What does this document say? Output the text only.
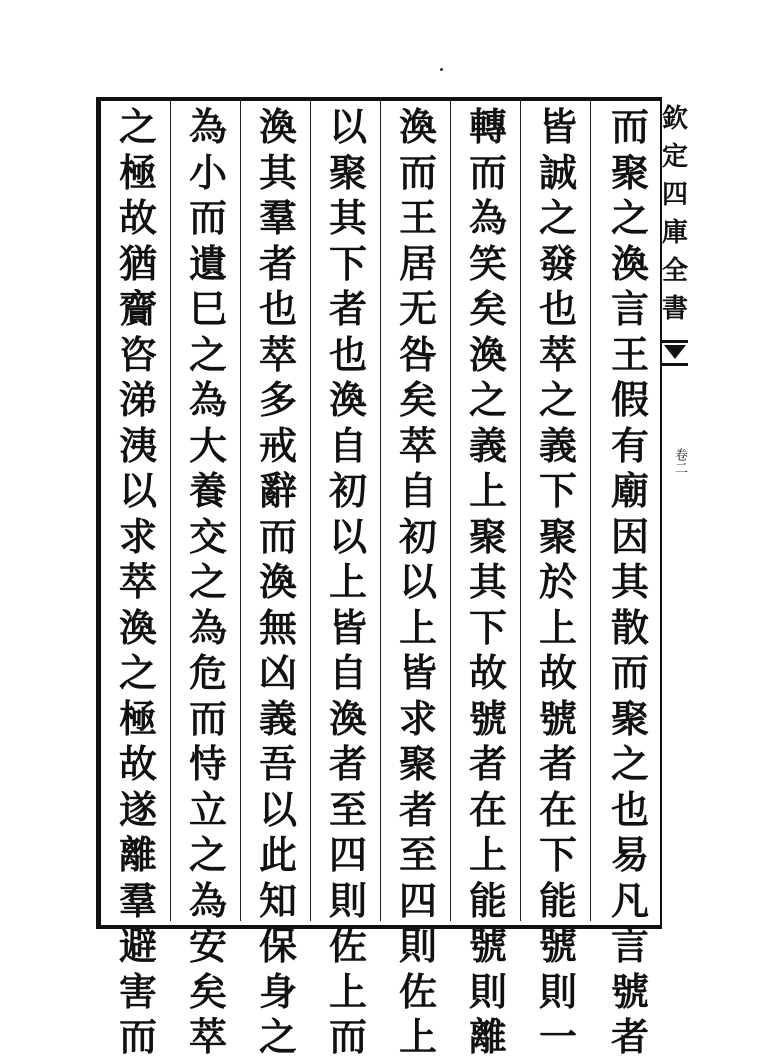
而
聚
之
渙
言
王
假
有
廟
因
其
散
而
聚
之
也
易
凡
言
號
者
皆
誠
之
發
也
萃
之
義
下
聚
於
上
故
號
者
在
下
能
號
則
一
轉
而
為
笑
矣
渙
之
義
上
聚
其
下
故
號
者
在
上
能
號
則
離
渙
而
王
居
无
咎
矣
萃
自
初
以
上
皆
求
聚
者
至
四
則
佐
上
以
聚
其
下
者
也
渙
自
初
以
上
皆
自
渙
者
至
四
則
佐
上
而
渙
其
羣
者
也
萃
多
戒
辭
而
渙
無
凶
義
吾
以
此
知
保
身
之
為
小
而
遺
巳
之
為
大
養
交
之
為
危
而
恃
立
之
為
安
矣
萃
之
極
故
猶
齎
咨
涕
洟
以
求
萃
渙
之
極
故
遂
離
羣
避
害
而
欽
定
四
庫
全
書
卷二
